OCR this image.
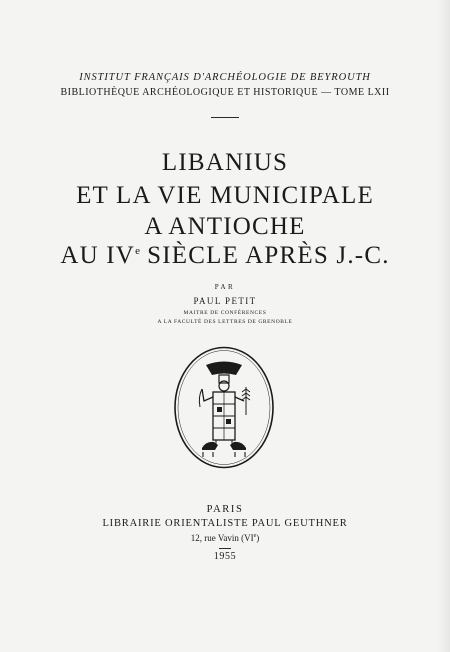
INSTITUT FRANÇAIS D'ARCHÉOLOGIE DE BEYROUTH
BIBLIOTHÈQUE ARCHÉOLOGIQUE ET HISTORIQUE — TOME LXII
LIBANIUS
ET LA VIE MUNICIPALE
A ANTIOCHE
AU IVe SIÈCLE APRÈS J.-C.
PAR
PAUL PETIT
MAITRE DE CONFÉRENCES
A LA FACULTÉ DES LETTRES DE GRENOBLE
PARIS
LIBRAIRIE ORIENTALISTE PAUL GEUTHNER
12, rue Vavin (VIe)
1955
